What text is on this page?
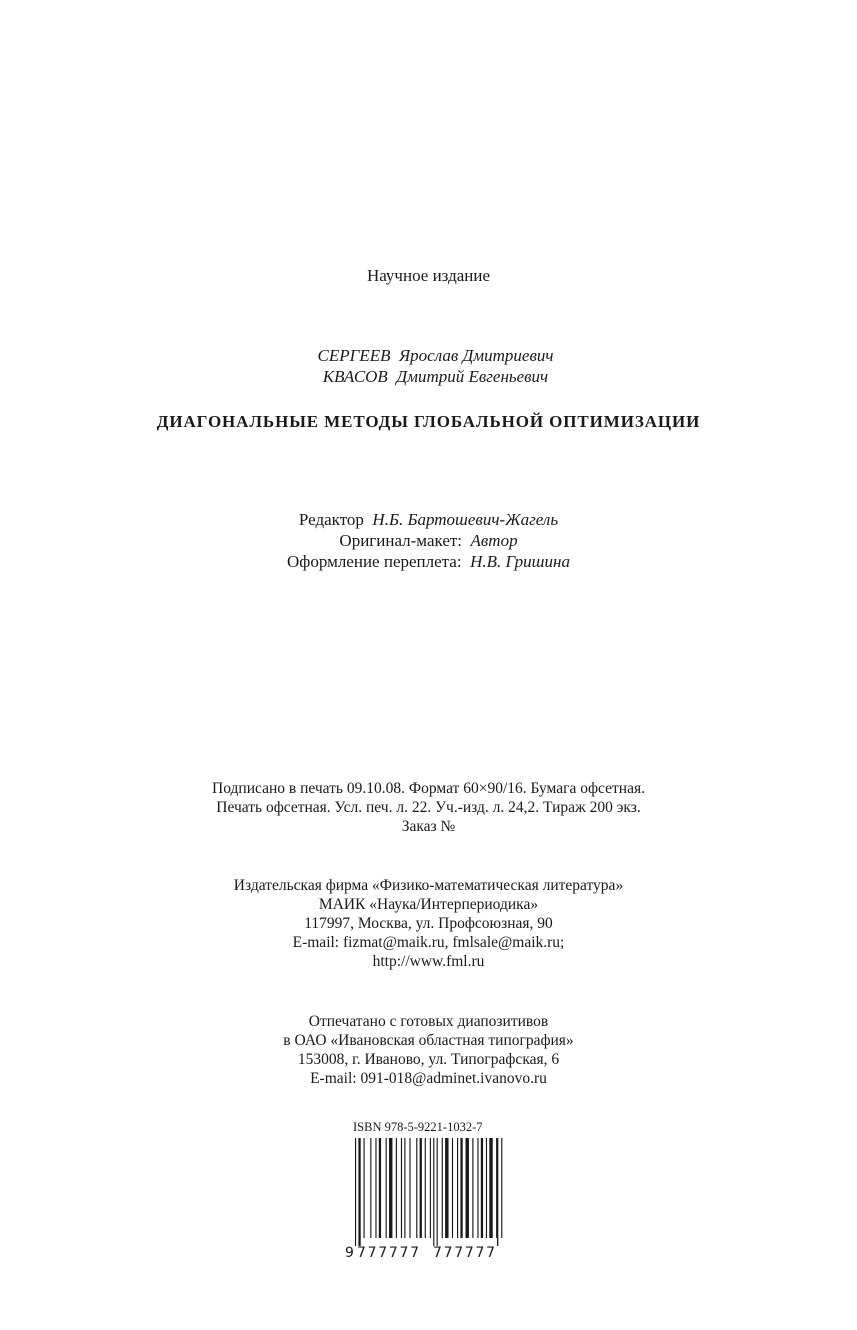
Научное издание
СЕРГЕЕВ Ярослав Дмитриевич
КВАСОВ Дмитрий Евгеньевич
ДИАГОНАЛЬНЫЕ МЕТОДЫ ГЛОБАЛЬНОЙ ОПТИМИЗАЦИИ
Редактор Н.Б. Бартошевич-Жагель
Оригинал-макет: Автор
Оформление переплета: Н.В. Гришина
Подписано в печать 09.10.08. Формат 60×90/16. Бумага офсетная.
Печать офсетная. Усл. печ. л. 22. Уч.-изд. л. 24,2. Тираж 200 экз.
Заказ №
Издательская фирма «Физико-математическая литература»
МАИК «Наука/Интерпериодика»
117997, Москва, ул. Профсоюзная, 90
E-mail: fizmat@maik.ru, fmlsale@maik.ru;
http://www.fml.ru
Отпечатано с готовых диапозитивов
в ОАО «Ивановская областная типография»
153008, г. Иваново, ул. Типографская, 6
E-mail: 091-018@adminet.ivanovo.ru
ISBN 978-5-9221-1032-7
9 777777 777777
